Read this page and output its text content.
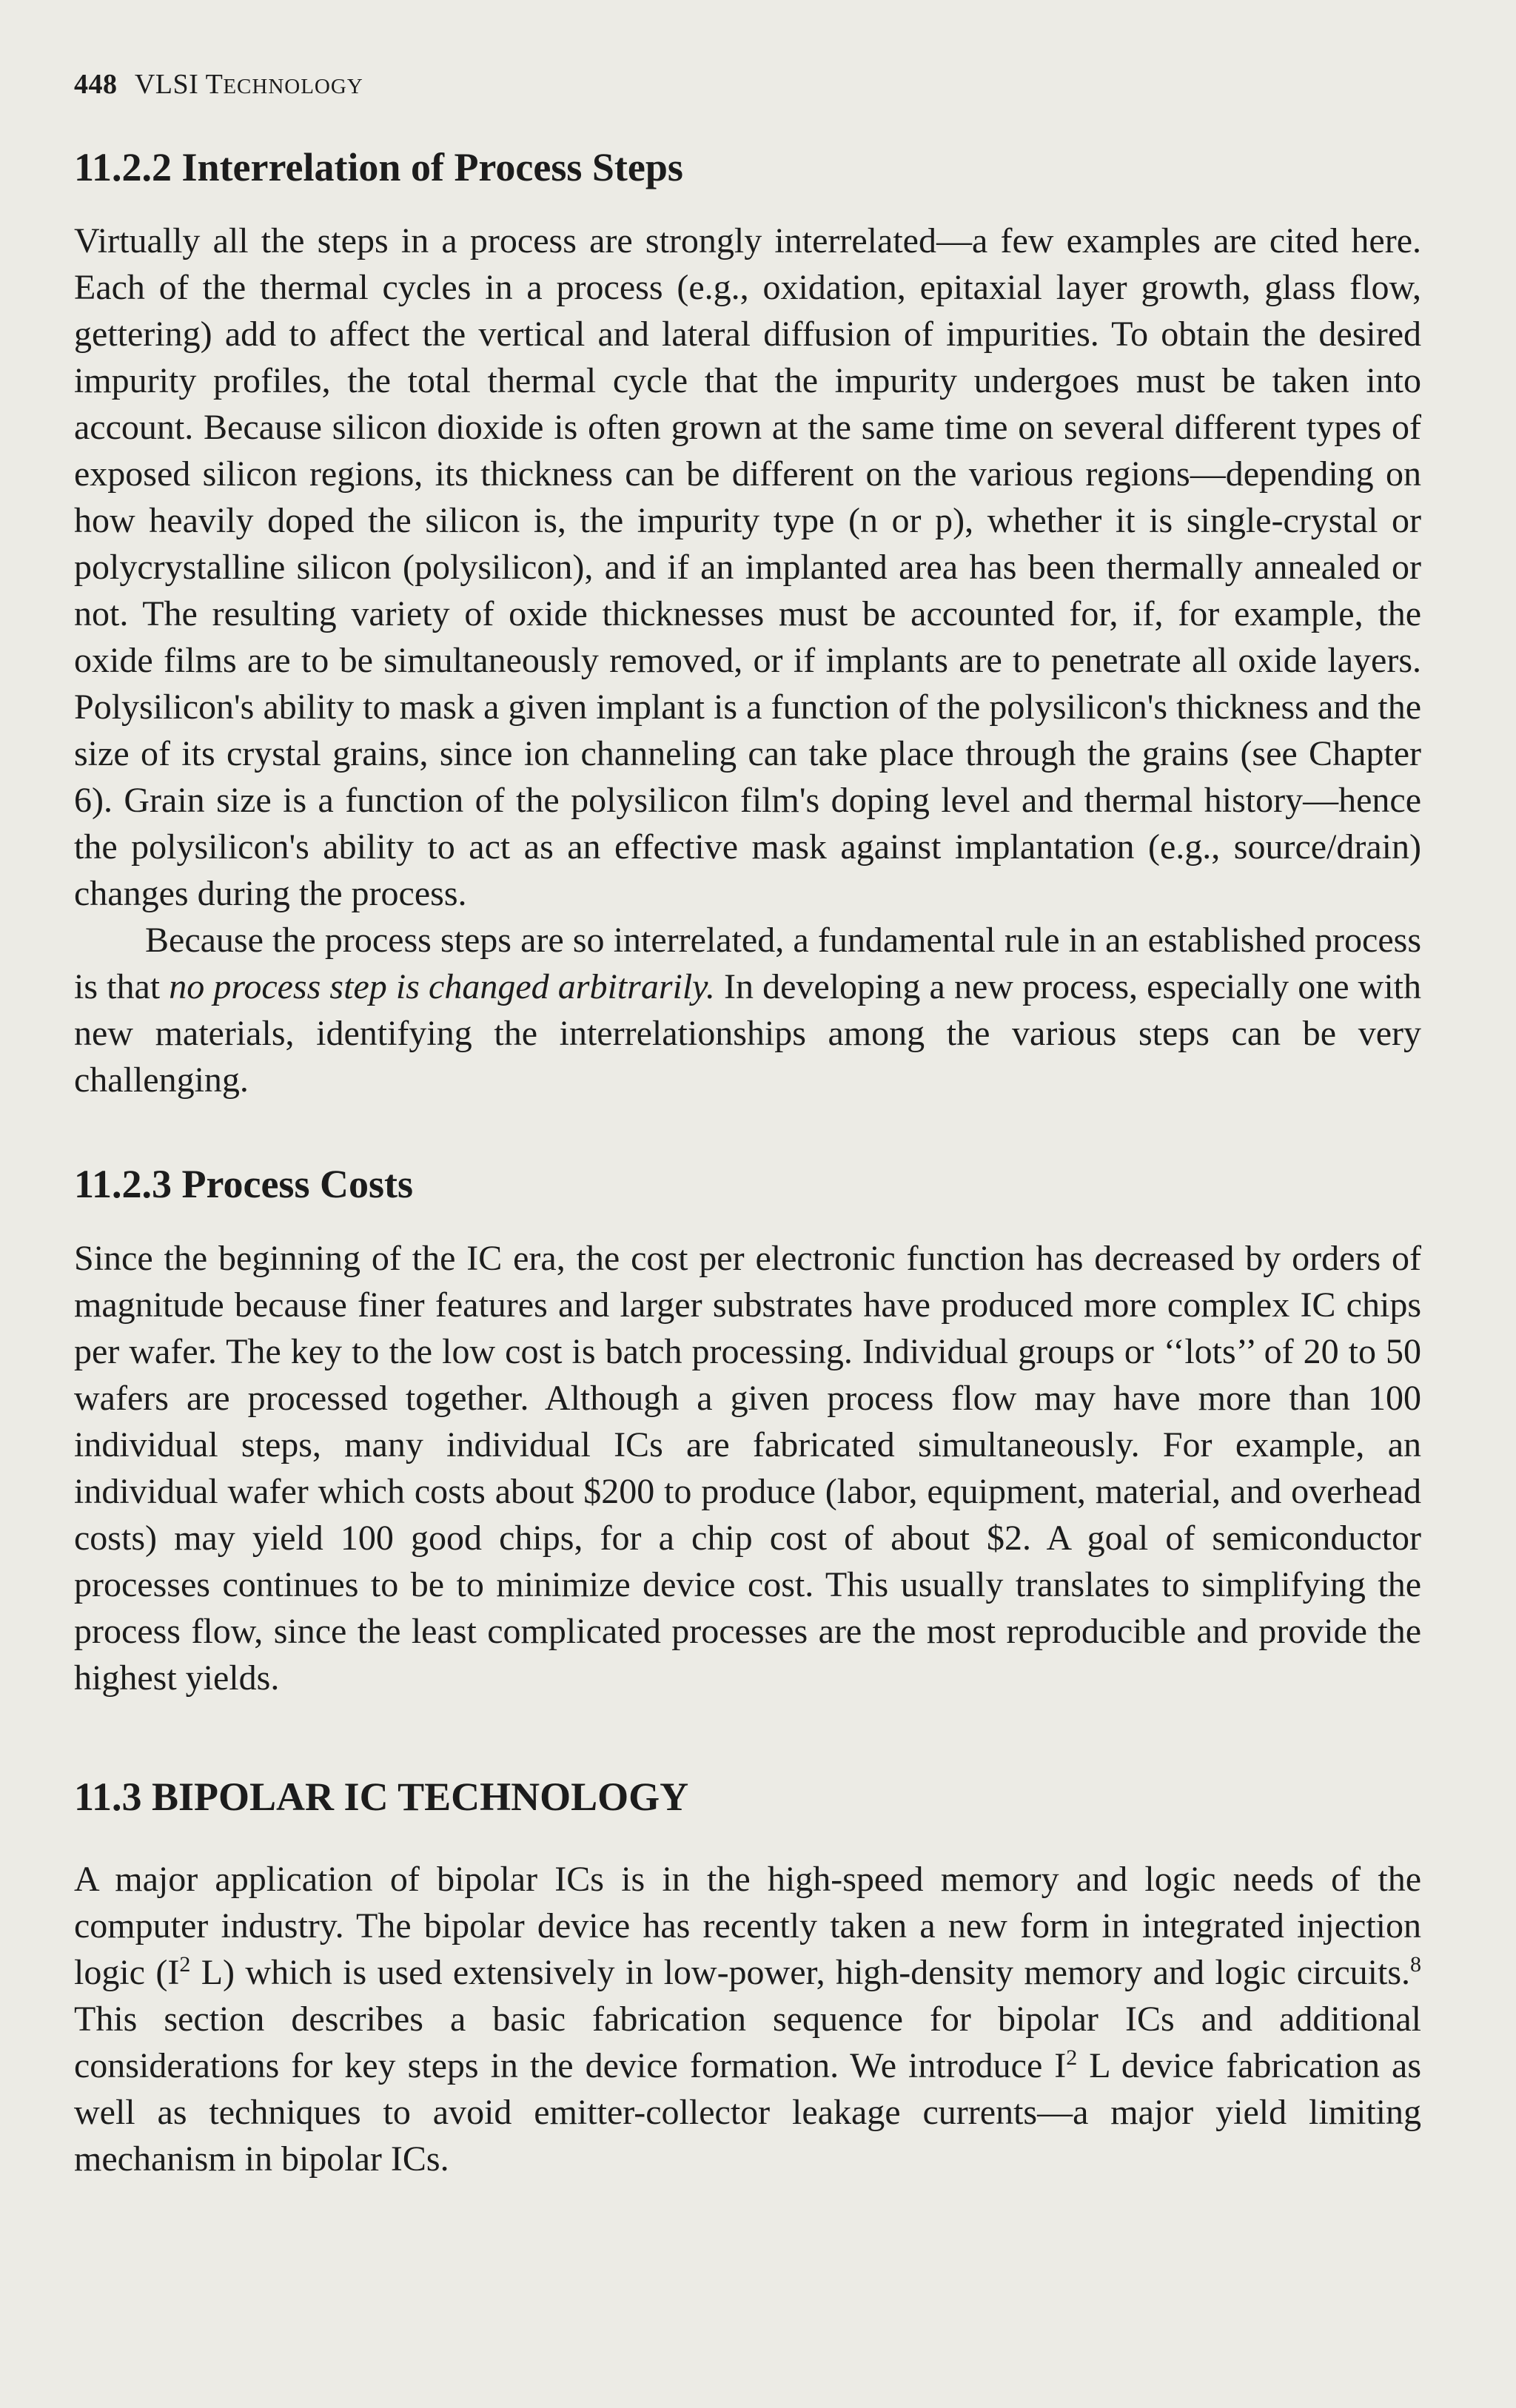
448 VLSI TECHNOLOGY
11.2.2 Interrelation of Process Steps

Virtually all the steps in a process are strongly interrelated—a few examples are cited here. Each of the thermal cycles in a process (e.g., oxidation, epitaxial layer growth, glass flow, gettering) add to affect the vertical and lateral diffusion of impurities. To obtain the desired impurity profiles, the total thermal cycle that the impurity undergoes must be taken into account. Because silicon dioxide is often grown at the same time on several different types of exposed silicon regions, its thickness can be different on the various regions—depending on how heavily doped the silicon is, the impurity type (n or p), whether it is single-crystal or polycrystalline silicon (polysilicon), and if an implanted area has been thermally annealed or not. The resulting variety of oxide thicknesses must be accounted for, if, for example, the oxide films are to be simultaneously removed, or if implants are to penetrate all oxide layers. Polysilicon's ability to mask a given implant is a function of the polysilicon's thickness and the size of its crystal grains, since ion channeling can take place through the grains (see Chapter 6). Grain size is a function of the polysilicon film's doping level and thermal history—hence the polysilicon's ability to act as an effective mask against implantation (e.g., source/drain) changes during the process.

Because the process steps are so interrelated, a fundamental rule in an established process is that no process step is changed arbitrarily. In developing a new process, especially one with new materials, identifying the interrelationships among the various steps can be very challenging.

11.2.3 Process Costs

Since the beginning of the IC era, the cost per electronic function has decreased by orders of magnitude because finer features and larger substrates have produced more complex IC chips per wafer. The key to the low cost is batch processing. Individual groups or ‘‘lots’’ of 20 to 50 wafers are processed together. Although a given process flow may have more than 100 individual steps, many individual ICs are fabricated simultaneously. For example, an individual wafer which costs about $200 to produce (labor, equipment, material, and overhead costs) may yield 100 good chips, for a chip cost of about $2. A goal of semiconductor processes continues to be to minimize device cost. This usually translates to simplifying the process flow, since the least complicated processes are the most reproducible and provide the highest yields.

11.3 BIPOLAR IC TECHNOLOGY

A major application of bipolar ICs is in the high-speed memory and logic needs of the computer industry. The bipolar device has recently taken a new form in integrated injection logic ($I^2$ L) which is used extensively in low-power, high-density memory and logic circuits.$^8$ This section describes a basic fabrication sequence for bipolar ICs and additional considerations for key steps in the device formation. We introduce $I^2$ L device fabrication as well as techniques to avoid emitter-collector leakage currents—a major yield limiting mechanism in bipolar ICs.
